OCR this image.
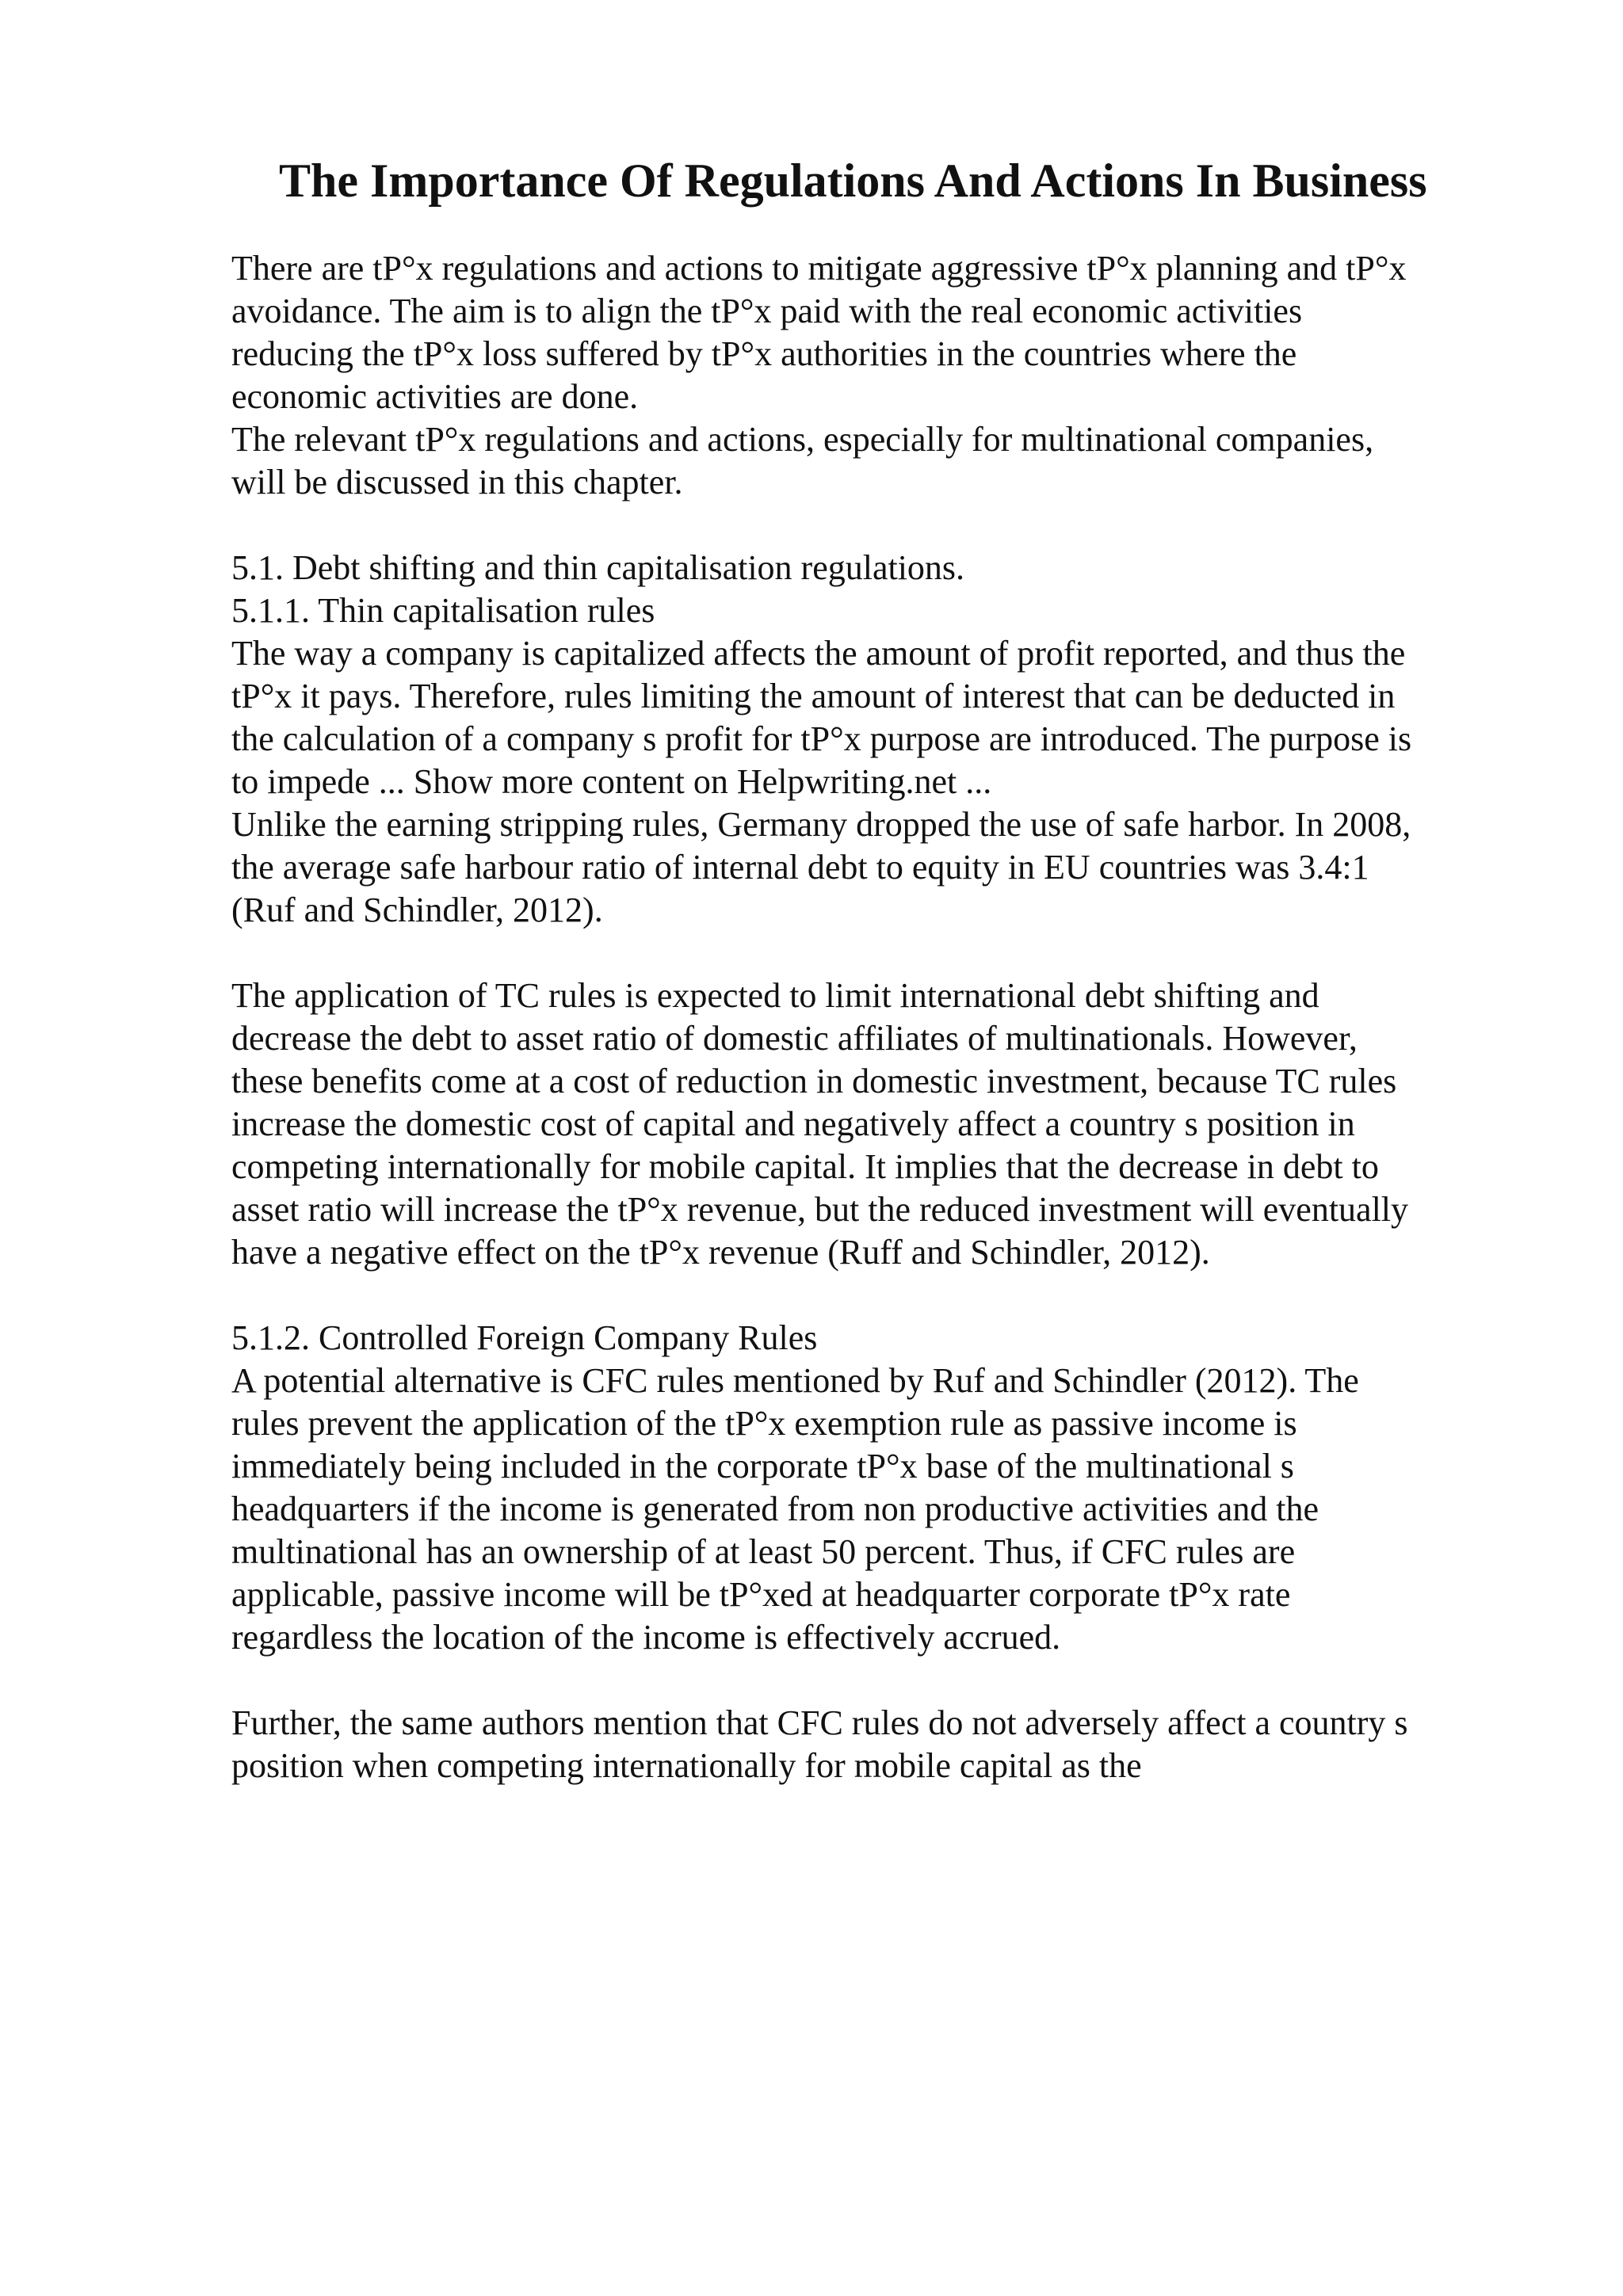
The Importance Of Regulations And Actions In Business
There are tP°x regulations and actions to mitigate aggressive tP°x planning and tP°x
avoidance. The aim is to align the tP°x paid with the real economic activities
reducing the tP°x loss suffered by tP°x authorities in the countries where the
economic activities are done.
The relevant tP°x regulations and actions, especially for multinational companies,
will be discussed in this chapter.
5.1. Debt shifting and thin capitalisation regulations.
5.1.1. Thin capitalisation rules
The way a company is capitalized affects the amount of profit reported, and thus the
tP°x it pays. Therefore, rules limiting the amount of interest that can be deducted in
the calculation of a company s profit for tP°x purpose are introduced. The purpose is
to impede ... Show more content on Helpwriting.net ...
Unlike the earning stripping rules, Germany dropped the use of safe harbor. In 2008,
the average safe harbour ratio of internal debt to equity in EU countries was 3.4:1
(Ruf and Schindler, 2012).
The application of TC rules is expected to limit international debt shifting and
decrease the debt to asset ratio of domestic affiliates of multinationals. However,
these benefits come at a cost of reduction in domestic investment, because TC rules
increase the domestic cost of capital and negatively affect a country s position in
competing internationally for mobile capital. It implies that the decrease in debt to
asset ratio will increase the tP°x revenue, but the reduced investment will eventually
have a negative effect on the tP°x revenue (Ruff and Schindler, 2012).
5.1.2. Controlled Foreign Company Rules
A potential alternative is CFC rules mentioned by Ruf and Schindler (2012). The
rules prevent the application of the tP°x exemption rule as passive income is
immediately being included in the corporate tP°x base of the multinational s
headquarters if the income is generated from non productive activities and the
multinational has an ownership of at least 50 percent. Thus, if CFC rules are
applicable, passive income will be tP°xed at headquarter corporate tP°x rate
regardless the location of the income is effectively accrued.
Further, the same authors mention that CFC rules do not adversely affect a country s
position when competing internationally for mobile capital as the
